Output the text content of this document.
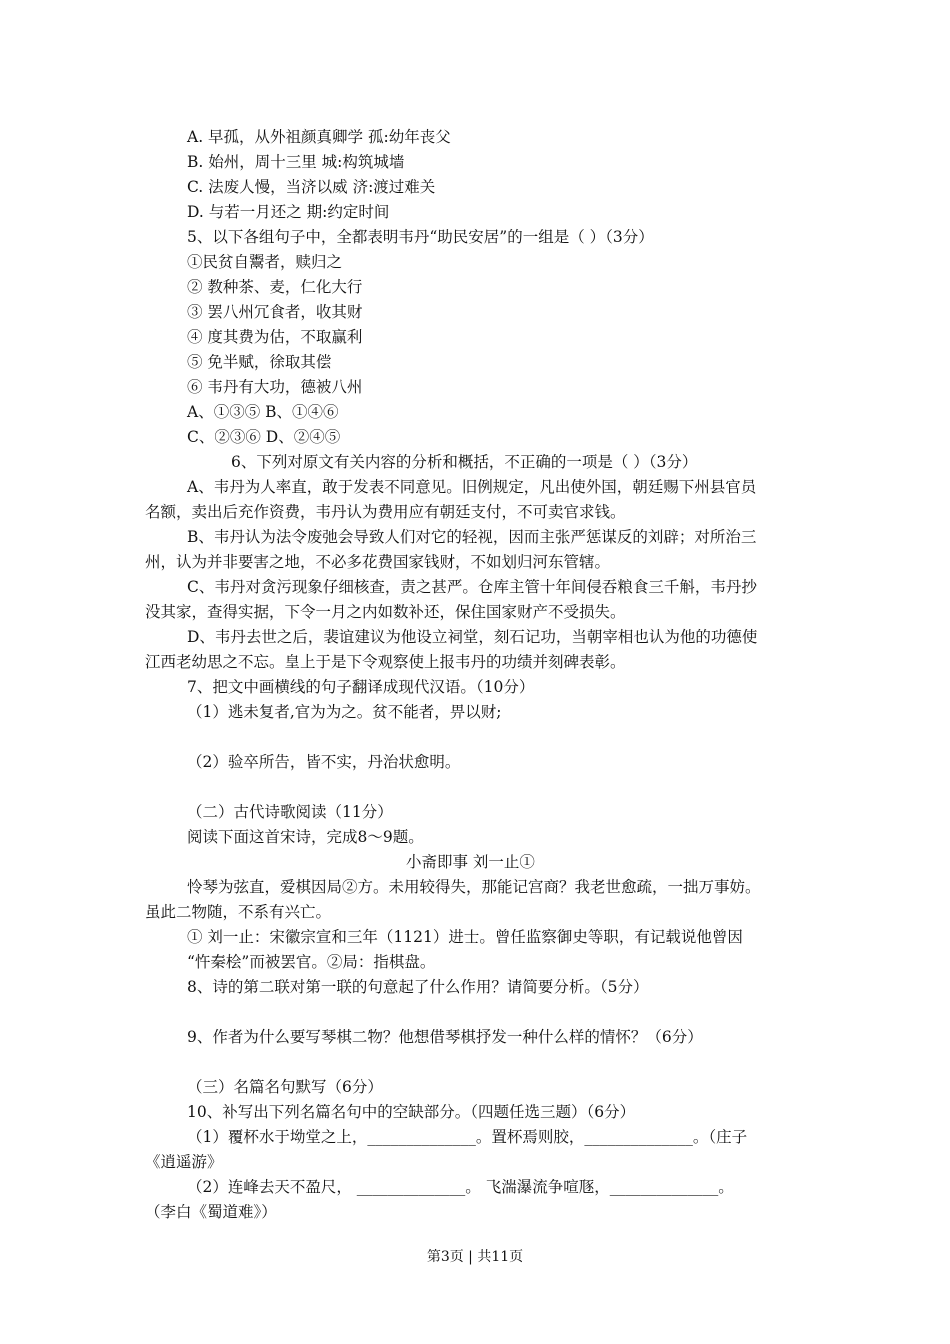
A. 早孤，从外祖颜真卿学 孤:幼年丧父
B. 始州，周十三里 城:构筑城墙
C. 法废人慢，当济以威 济:渡过难关
D. 与若一月还之 期:约定时间
5、以下各组句子中，全都表明韦丹“助民安居”的一组是（ ）（3分）
①民贫自鬻者，赎归之
② 教种茶、麦，仁化大行
③ 罢八州冗食者，收其财
④ 度其费为估，不取赢利
⑤ 免半赋，徐取其偿
⑥ 韦丹有大功，德被八州
A、①③⑤ B、①④⑥
C、②③⑥ D、②④⑤
6、下列对原文有关内容的分析和概括，不正确的一项是（ ）（3分）
A、韦丹为人率直，敢于发表不同意见。旧例规定，凡出使外国，朝廷赐下州县官员
名额，卖出后充作资费，韦丹认为费用应有朝廷支付，不可卖官求钱。
B、韦丹认为法令废弛会导致人们对它的轻视，因而主张严惩谋反的刘辟；对所治三
州，认为并非要害之地，不必多花费国家钱财，不如划归河东管辖。
C、韦丹对贪污现象仔细核查，责之甚严。仓库主管十年间侵吞粮食三千斛，韦丹抄
没其家，查得实据，下令一月之内如数补还，保住国家财产不受损失。
D、韦丹去世之后，裴谊建议为他设立祠堂，刻石记功，当朝宰相也认为他的功德使
江西老幼思之不忘。皇上于是下令观察使上报韦丹的功绩并刻碑表彰。
7、把文中画横线的句子翻译成现代汉语。（10分）
（1）逃未复者,官为为之。贫不能者，畀以财;
（2）验卒所告，皆不实，丹治状愈明。
（二）古代诗歌阅读（11分）
阅读下面这首宋诗，完成8～9题。
小斋即事 刘一止①
怜琴为弦直，爱棋因局②方。未用较得失，那能记宫商？我老世愈疏，一拙万事妨。
虽此二物随，不系有兴亡。
① 刘一止：宋徽宗宣和三年（1121）进士。曾任监察御史等职，有记载说他曾因
“忤秦桧”而被罢官。②局：指棋盘。
8、诗的第二联对第一联的句意起了什么作用？请简要分析。（5分）
9、作者为什么要写琴棋二物？他想借琴棋抒发一种什么样的情怀？（6分）
（三）名篇名句默写（6分）
10、补写出下列名篇名句中的空缺部分。（四题任选三题）（6分）
（1）覆杯水于坳堂之上，______________。置杯焉则胶，______________。（庄子
《逍遥游》
（2）连峰去天不盈尺， ______________。 飞湍瀑流争喧豗，______________。
（李白《蜀道难》）
第3页 | 共11页
